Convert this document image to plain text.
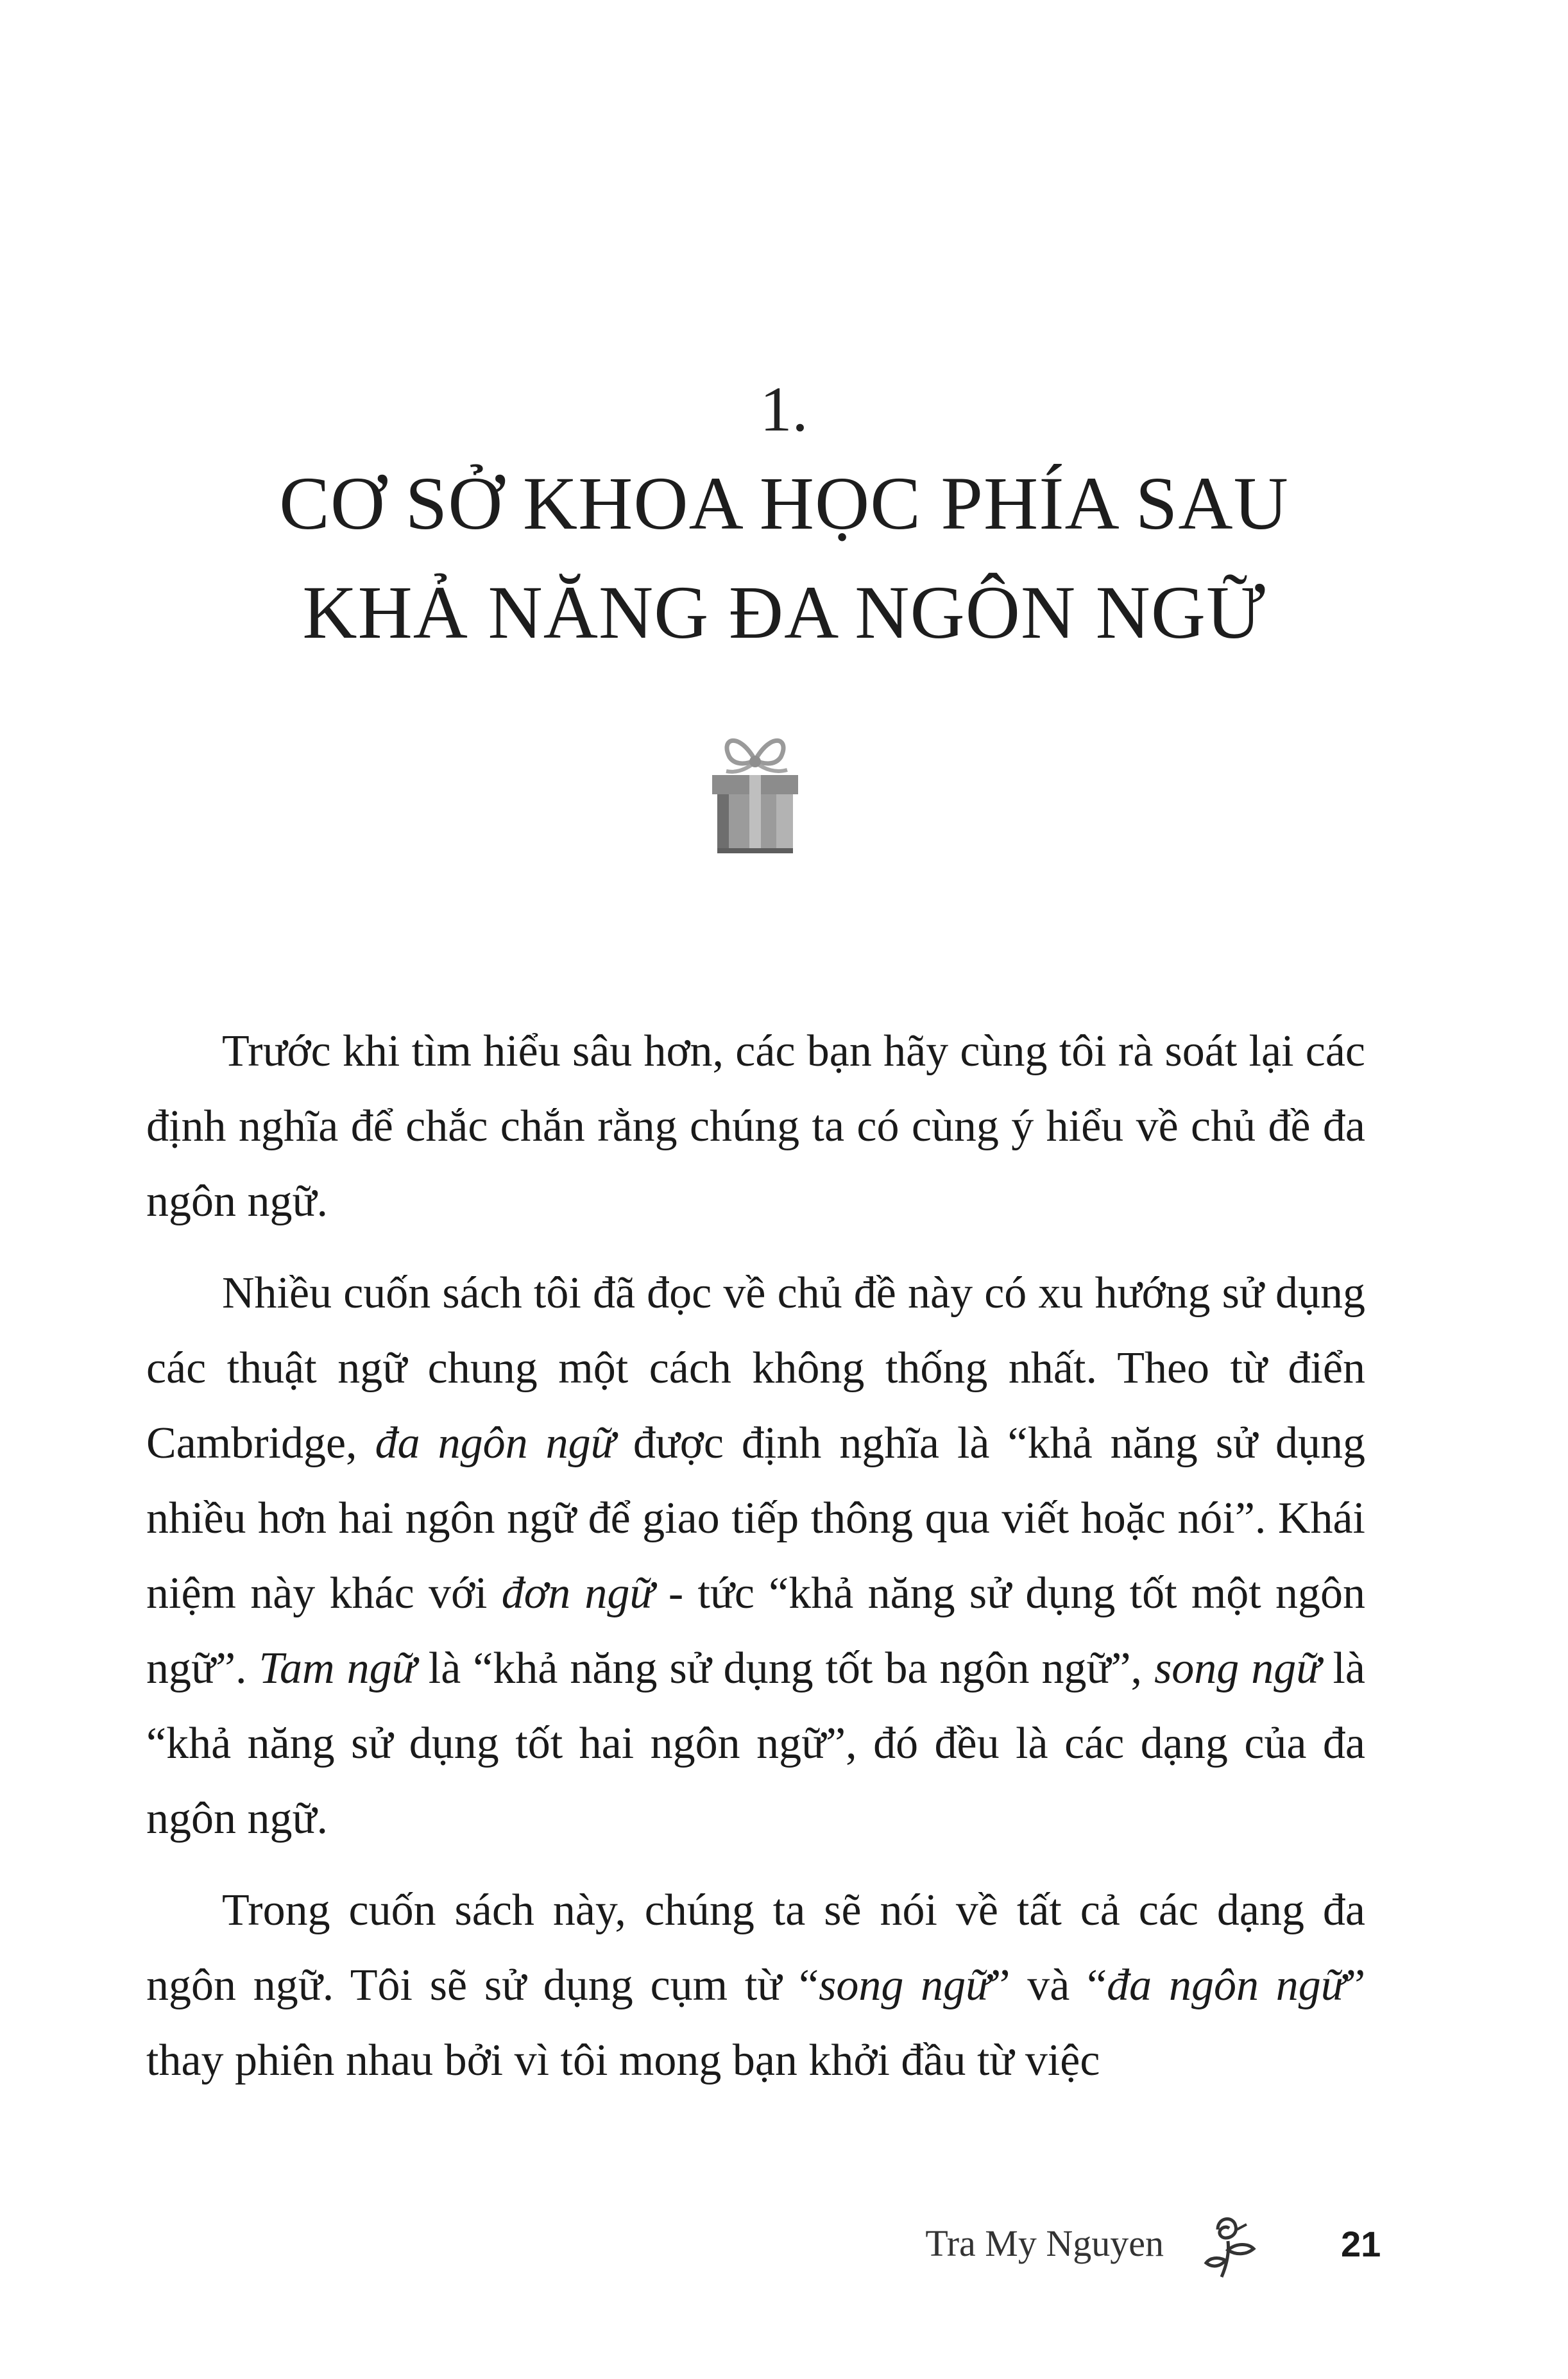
1.
CƠ SỞ KHOA HỌC PHÍA SAU
KHẢ NĂNG ĐA NGÔN NGỮ

Trước khi tìm hiểu sâu hơn, các bạn hãy cùng tôi rà soát lại các định nghĩa để chắc chắn rằng chúng ta có cùng ý hiểu về chủ đề đa ngôn ngữ.

Nhiều cuốn sách tôi đã đọc về chủ đề này có xu hướng sử dụng các thuật ngữ chung một cách không thống nhất. Theo từ điển Cambridge, đa ngôn ngữ được định nghĩa là “khả năng sử dụng nhiều hơn hai ngôn ngữ để giao tiếp thông qua viết hoặc nói”. Khái niệm này khác với đơn ngữ - tức “khả năng sử dụng tốt một ngôn ngữ”. Tam ngữ là “khả năng sử dụng tốt ba ngôn ngữ”, song ngữ là “khả năng sử dụng tốt hai ngôn ngữ”, đó đều là các dạng của đa ngôn ngữ.

Trong cuốn sách này, chúng ta sẽ nói về tất cả các dạng đa ngôn ngữ. Tôi sẽ sử dụng cụm từ “song ngữ” và “đa ngôn ngữ” thay phiên nhau bởi vì tôi mong bạn khởi đầu từ việc

Tra My Nguyen	21
